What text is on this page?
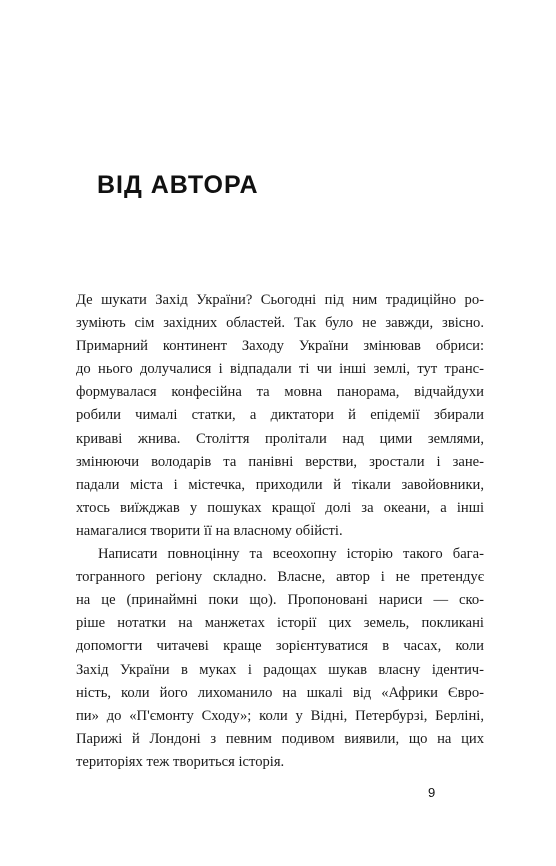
ВІД АВТОРА
Де шукати Захід України? Сьогодні під ним традиційно ро-
зуміють сім західних областей. Так було не завжди, звісно.
Примарний континент Заходу України змінював обриси:
до нього долучалися і відпадали ті чи інші землі, тут транс-
формувалася конфесійна та мовна панорама, відчайдухи
робили чималі статки, а диктатори й епідемії збирали
криваві жнива. Століття пролітали над цими землями,
змінюючи володарів та панівні верстви, зростали і зане-
падали міста і містечка, приходили й тікали завойовники,
хтось виїжджав у пошуках кращої долі за океани, а інші
намагалися творити її на власному обійсті.
Написати повноцінну та всеохопну історію такого бага-
тогранного регіону складно. Власне, автор і не претендує
на це (принаймні поки що). Пропоновані нариси — ско-
ріше нотатки на манжетах історії цих земель, покликані
допомогти читачеві краще зорієнтуватися в часах, коли
Захід України в муках і радощах шукав власну ідентич-
ність, коли його лихоманило на шкалі від «Африки Євро-
пи» до «П'ємонту Сходу»; коли у Відні, Петербурзі, Берліні,
Парижі й Лондоні з певним подивом виявили, що на цих
територіях теж твориться історія.
9
